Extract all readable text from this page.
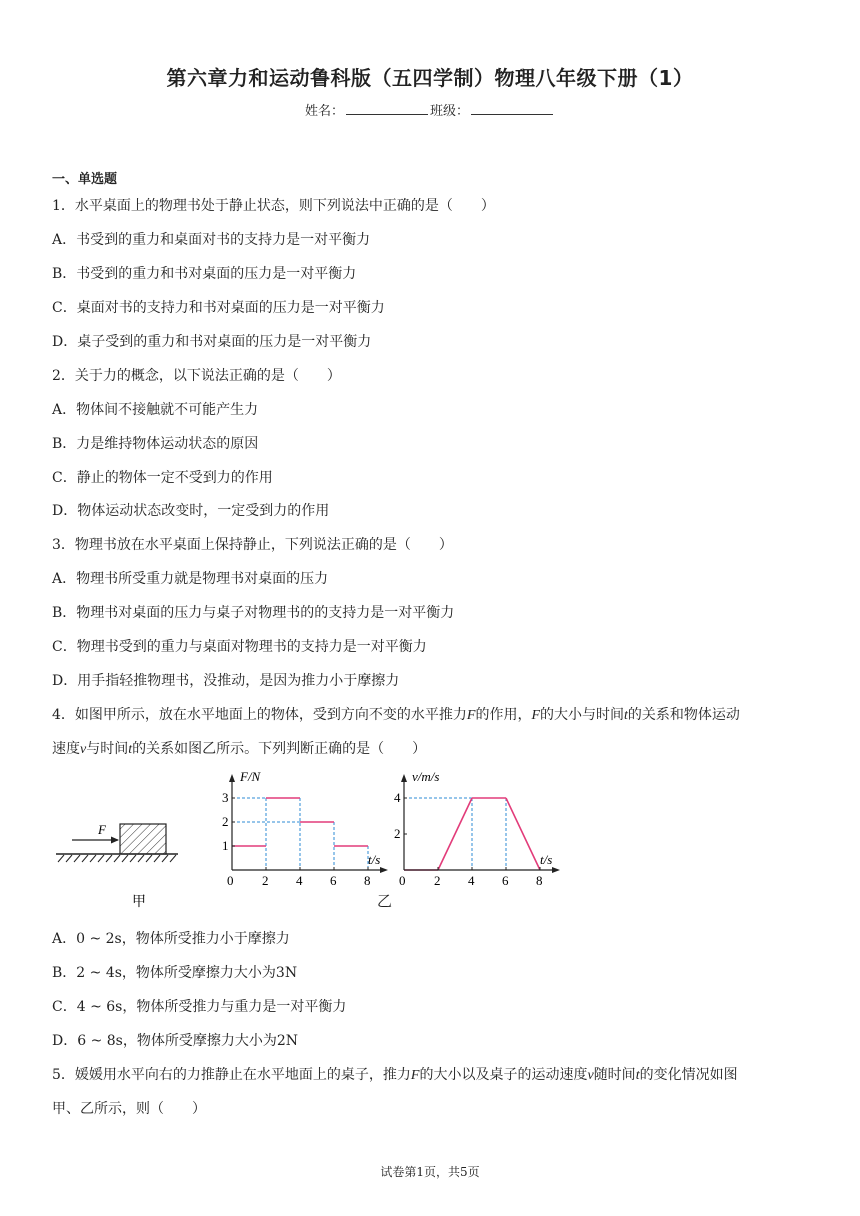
第六章力和运动鲁科版（五四学制）物理八年级下册（1）
姓名：	班级：
一、单选题
1．水平桌面上的物理书处于静止状态，则下列说法中正确的是（　　）
A．书受到的重力和桌面对书的支持力是一对平衡力
B．书受到的重力和书对桌面的压力是一对平衡力
C．桌面对书的支持力和书对桌面的压力是一对平衡力
D．桌子受到的重力和书对桌面的压力是一对平衡力
2．关于力的概念，以下说法正确的是（　　）
A．物体间不接触就不可能产生力
B．力是维持物体运动状态的原因
C．静止的物体一定不受到力的作用
D．物体运动状态改变时，一定受到力的作用
3．物理书放在水平桌面上保持静止，下列说法正确的是（　　）
A．物理书所受重力就是物理书对桌面的压力
B．物理书对桌面的压力与桌子对物理书的的支持力是一对平衡力
C．物理书受到的重力与桌面对物理书的支持力是一对平衡力
D．用手指轻推物理书，没推动，是因为推力小于摩擦力
4．如图甲所示，放在水平地面上的物体，受到方向不变的水平推力F的作用，F的大小与时间t的关系和物体运动
速度v与时间t的关系如图乙所示。下列判断正确的是（　　）
F
甲
F/N
t/s
0
1
2
3
2 4 6 8
v/m/s
t/s
0
2
4
2 4 6 8
乙
A．0 ~ 2s，物体所受推力小于摩擦力
B．2 ~ 4s，物体所受摩擦力大小为3N
C．4 ~ 6s，物体所受推力与重力是一对平衡力
D．6 ~ 8s，物体所受摩擦力大小为2N
5．媛媛用水平向右的力推静止在水平地面上的桌子，推力F的大小以及桌子的运动速度v随时间t的变化情况如图
甲、乙所示，则（　　）
试卷第1页，共5页
